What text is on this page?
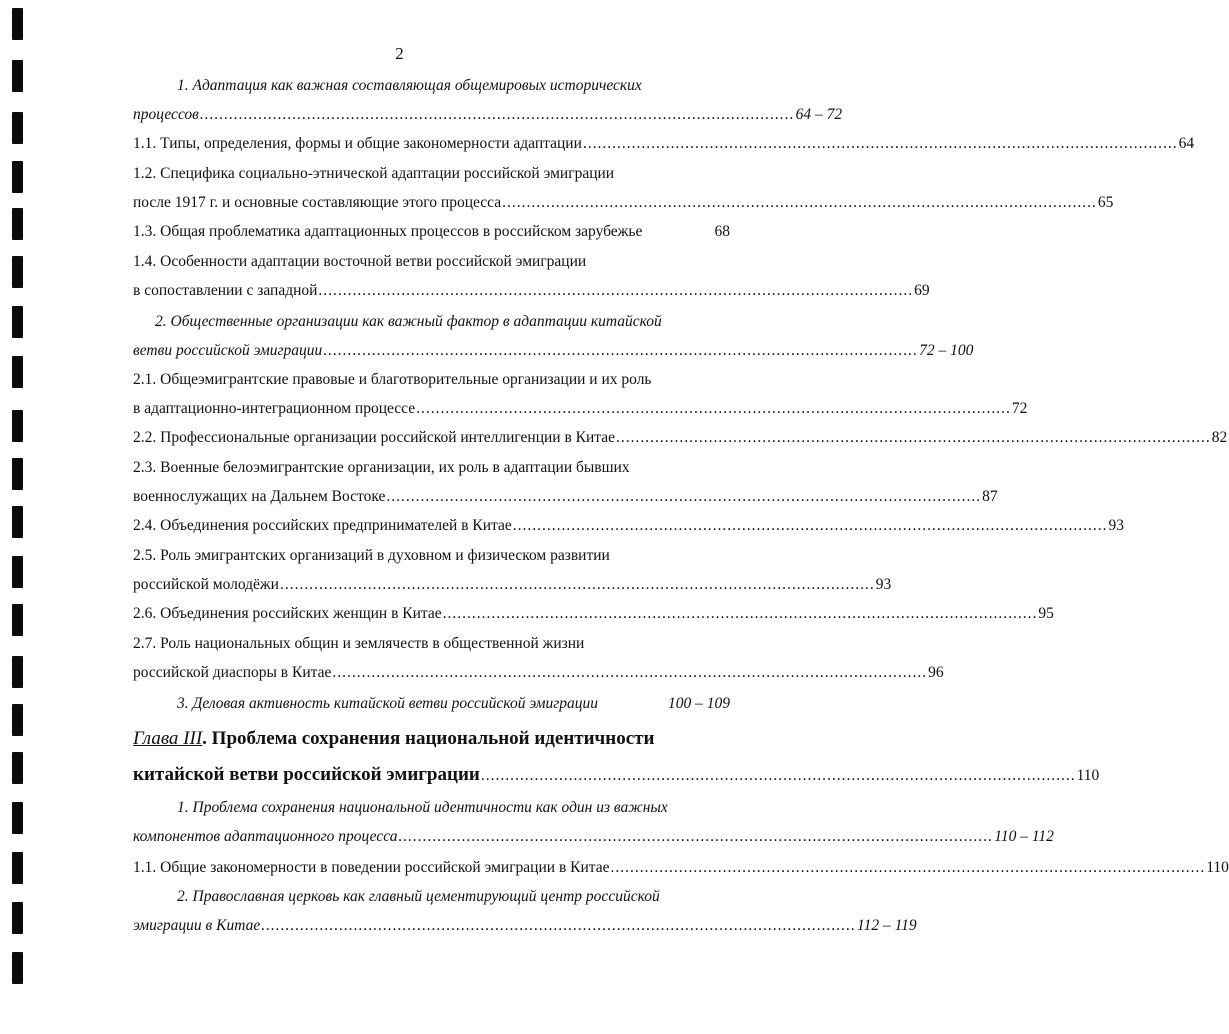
2
1. Адаптация как важная составляющая общемировых исторических
процессов .......................................................................................................................... 64 – 72
1.1. Типы, определения, формы и общие закономерности адаптации .......................................................................................................................... 64
1.2. Специфика социально-этнической адаптации российской эмиграции
после 1917 г. и основные составляющие этого процесса .......................................................................................................................... 65
1.3. Общая проблематика адаптационных процессов в российском зарубежье	68
1.4. Особенности адаптации восточной ветви российской эмиграции
в сопоставлении с западной .......................................................................................................................... 69
2. Общественные организации как важный фактор в адаптации китайской
ветви российской эмиграции .......................................................................................................................... 72 – 100
2.1. Общеэмигрантские правовые и благотворительные организации и их роль
в адаптационно-интеграционном процессе .......................................................................................................................... 72
2.2. Профессиональные организации российской интеллигенции в Китае .......................................................................................................................... 82
2.3. Военные белоэмигрантские организации, их роль в адаптации бывших
военнослужащих на Дальнем Востоке .......................................................................................................................... 87
2.4. Объединения российских предпринимателей в Китае .......................................................................................................................... 93
2.5. Роль эмигрантских организаций в духовном и физическом развитии
российской молодёжи .......................................................................................................................... 93
2.6. Объединения российских женщин в Китае .......................................................................................................................... 95
2.7. Роль национальных общин и землячеств в общественной жизни
российской диаспоры в Китае .......................................................................................................................... 96
3. Деловая активность китайской ветви российской эмиграции	100 – 109
Глава III. Проблема сохранения национальной идентичности
китайской ветви российской эмиграции .......................................................................................................................... 110
1. Проблема сохранения национальной идентичности как один из важных
компонентов адаптационного процесса .......................................................................................................................... 110 – 112
1.1. Общие закономерности в поведении российской эмиграции в Китае .......................................................................................................................... 110
2. Православная церковь как главный цементирующий центр российской
эмиграции в Китае .......................................................................................................................... 112 – 119
